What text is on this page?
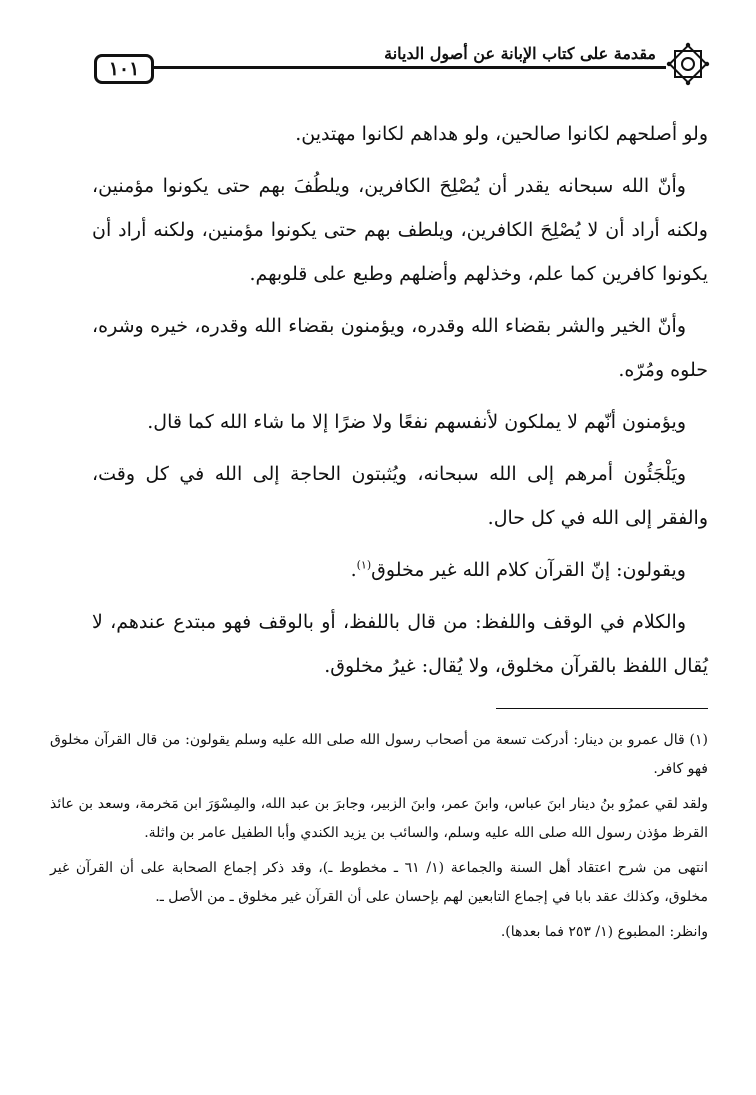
مقدمة على كتاب الإبانة عن أصول الديانة
١٠١

ولو أصلحهم لكانوا صالحين، ولو هداهم لكانوا مهتدين.

وأنّ الله سبحانه يقدر أن يُصْلِحَ الكافرين، ويلطُفَ بهم حتى يكونوا مؤمنين، ولكنه أراد أن لا يُصْلِحَ الكافرين، ويلطف بهم حتى يكونوا مؤمنين، ولكنه أراد أن يكونوا كافرين كما علم، وخذلهم وأضلهم وطبع على قلوبهم.

وأنّ الخير والشر بقضاء الله وقدره، ويؤمنون بقضاء الله وقدره، خيره وشره، حلوه ومُرّه.

ويؤمنون أنّهم لا يملكون لأنفسهم نفعًا ولا ضرًا إلا ما شاء الله كما قال.

ويَلْجَئُون أمرهم إلى الله سبحانه، ويُثبتون الحاجة إلى الله في كل وقت، والفقر إلى الله في كل حال.

ويقولون: إنّ القرآن كلام الله غير مخلوق$^{(١)}$.

والكلام في الوقف واللفظ: من قال باللفظ، أو بالوقف فهو مبتدع عندهم، لا يُقال اللفظ بالقرآن مخلوق، ولا يُقال: غيرُ مخلوق.

(١) قال عمرو بن دينار: أدركت تسعة من أصحاب رسول الله صلى الله عليه وسلم يقولون: من قال القرآن مخلوق فهو كافر.

ولقد لقي عمرُو بنُ دينار ابنَ عباس، وابنَ عمر، وابنَ الزبير، وجابرَ بن عبد الله، والمِسْوَرَ ابن مَخرمة، وسعد بن عائذ القرظ مؤذن رسول الله صلى الله عليه وسلم، والسائب بن يزيد الكندي وأبا الطفيل عامر بن واثلة.

انتهى من شرح اعتقاد أهل السنة والجماعة (١/ ٦١ ـ مخطوط ـ)، وقد ذكر إجماع الصحابة على أن القرآن غير مخلوق، وكذلك عقد بابا في إجماع التابعين لهم بإحسان على أن القرآن غير مخلوق ـ من الأصل ـ.

وانظر: المطبوع (١/ ٢٥٣ فما بعدها).
